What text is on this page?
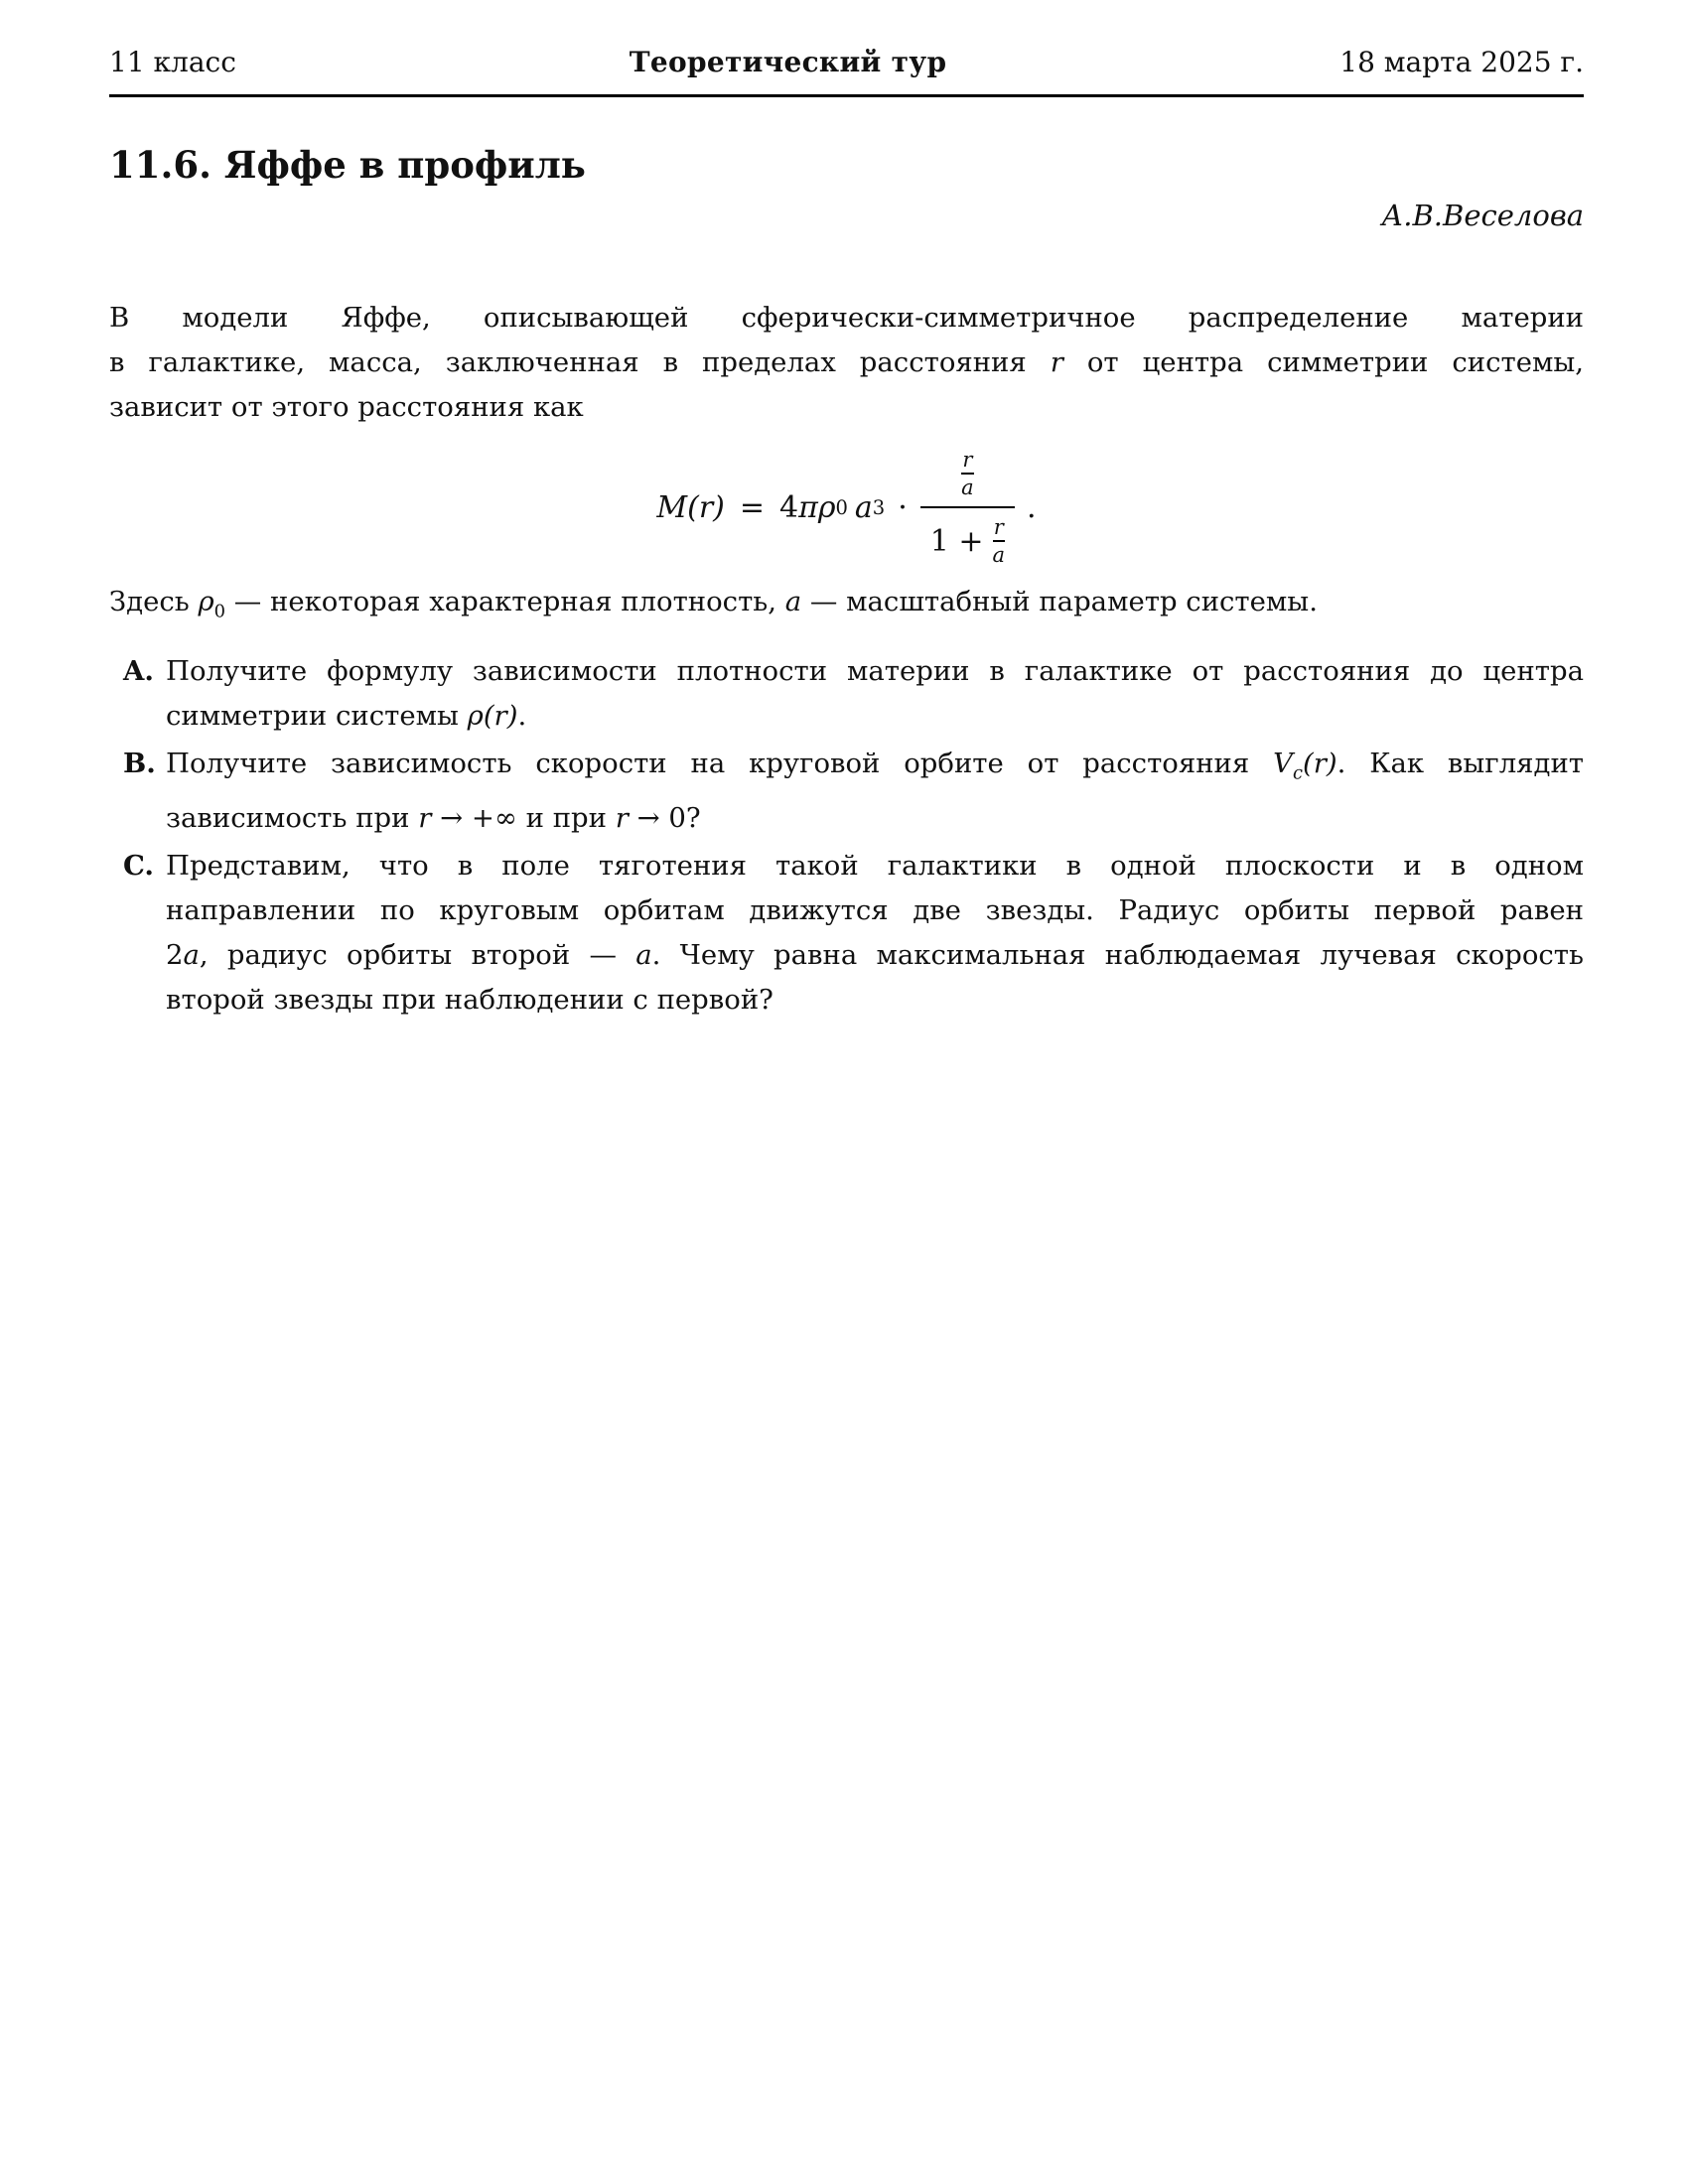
11 класс	Теоретический тур	18 марта 2025 г.
11.6. Яффе в профиль
А.В.Веселова
В модели Яффе, описывающей сферически-симметричное распределение материи
в галактике, масса, заключенная в пределах расстояния r от центра симметрии системы,
зависит от этого расстояния как
M(r) = 4 π ρ 0 a 3 · r
a
1 + r
a .
Здесь $\rho_0$ — некоторая характерная плотность, a — масштабный параметр системы.
A. Получите формулу зависимости плотности материи в галактике от расстояния до центра
симметрии системы ρ(r).
B. Получите зависимость скорости на круговой орбите от расстояния $V_c(r)$. Как выглядит
зависимость при r → +∞ и при r → 0?
C. Представим, что в поле тяготения такой галактики в одной плоскости и в одном
направлении по круговым орбитам движутся две звезды. Радиус орбиты первой равен
2a, радиус орбиты второй — a. Чему равна максимальная наблюдаемая лучевая скорость
второй звезды при наблюдении с первой?
